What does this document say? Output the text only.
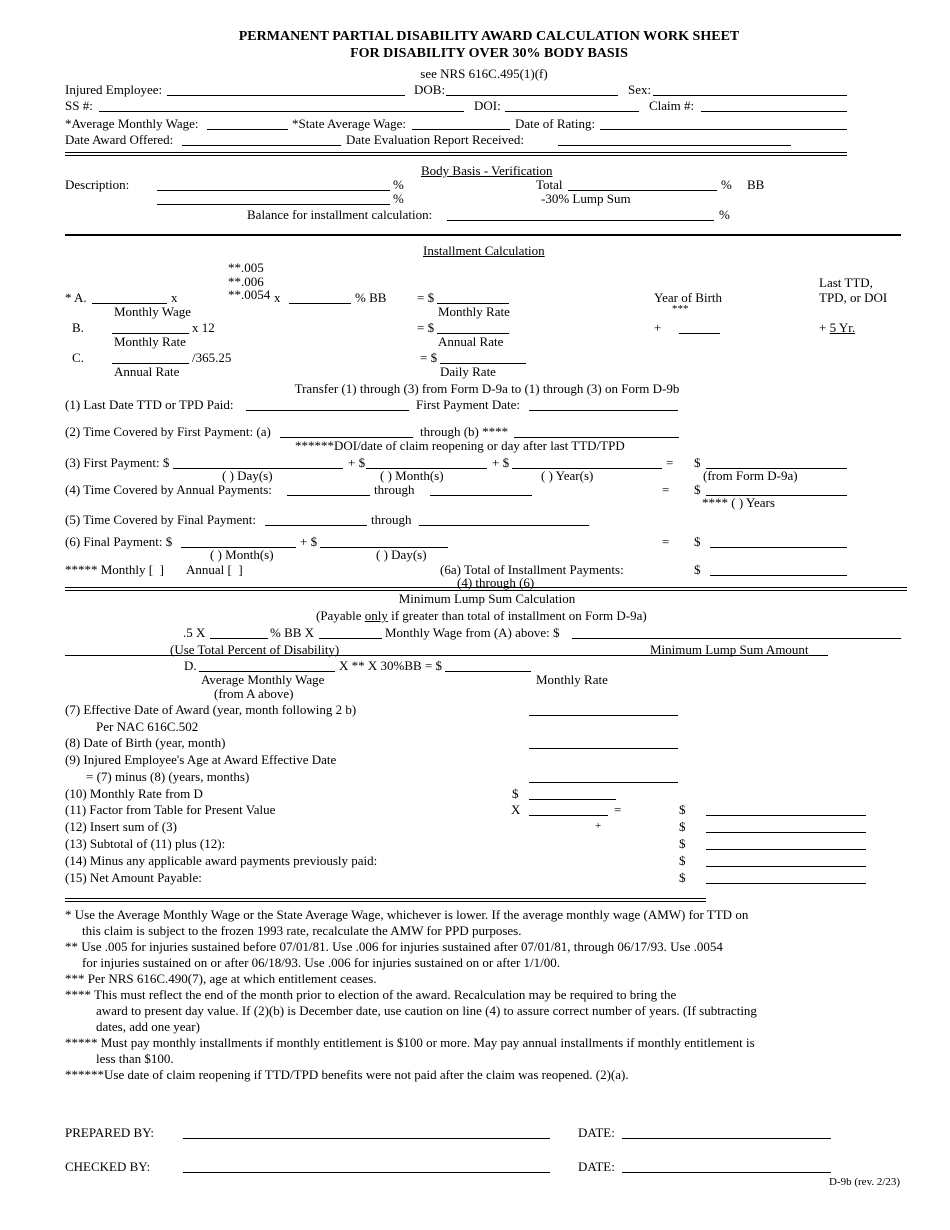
PERMANENT PARTIAL DISABILITY AWARD CALCULATION WORK SHEET
FOR DISABILITY OVER 30% BODY BASIS
see NRS 616C.495(1)(f)
Injured Employee:	DOB:	Sex:
SS #:	DOI:	Claim #:
*Average Monthly Wage:	*State Average Wage:	Date of Rating:
Date Award Offered:	Date Evaluation Report Received:
Body Basis - Verification
Description:	%	Total	% BB
%	-30% Lump Sum
Balance for installment calculation:	%
Installment Calculation
**.005
**.006
**.0054
Last TTD,
TPD, or DOI
* A.	x	x	% BB = $	Year of Birth
Monthly Wage	Monthly Rate	***
B.	x 12	= $	+	+ 5 Yr.
Monthly Rate	Annual Rate
C.	/365.25	= $
Annual Rate	Daily Rate
Transfer (1) through (3) from Form D-9a to (1) through (3) on Form D-9b
(1) Last Date TTD or TPD Paid:	First Payment Date:
(2) Time Covered by First Payment: (a)	through (b) ****
******DOI/date of claim reopening or day after last TTD/TPD
(3) First Payment: $	+ $	+ $	= $
( ) Day(s)	( ) Month(s)	( ) Year(s)	(from Form D-9a)
(4) Time Covered by Annual Payments:	through	= $
**** ( ) Years
(5) Time Covered by Final Payment:	through
(6) Final Payment: $	+ $	= $
( ) Month(s)	( ) Day(s)
***** Monthly [  ]       Annual [  ]	(6a) Total of Installment Payments:	$
(4) through (6)
Minimum Lump Sum Calculation
(Payable only if greater than total of installment on Form D-9a)
.5 X	% BB X	Monthly Wage from (A) above: $
(Use Total Percent of Disability)	Minimum Lump Sum Amount
D.	X ** X 30%BB = $
Average Monthly Wage	Monthly Rate
(from A above)
(7) Effective Date of Award (year, month following 2 b)
Per NAC 616C.502
(8) Date of Birth (year, month)
(9) Injured Employee's Age at Award Effective Date
= (7) minus (8) (years, months)
(10) Monthly Rate from D	$
(11) Factor from Table for Present Value	X	=	$
(12) Insert sum of (3)	+	$
(13) Subtotal of (11) plus (12):	$
(14) Minus any applicable award payments previously paid:	$
(15) Net Amount Payable:	$
* Use the Average Monthly Wage or the State Average Wage, whichever is lower. If the average monthly wage (AMW) for TTD on
this claim is subject to the frozen 1993 rate, recalculate the AMW for PPD purposes.
** Use .005 for injuries sustained before 07/01/81. Use .006 for injuries sustained after 07/01/81, through 06/17/93. Use .0054
for injuries sustained on or after 06/18/93. Use .006 for injuries sustained on or after 1/1/00.
*** Per NRS 616C.490(7), age at which entitlement ceases.
**** This must reflect the end of the month prior to election of the award. Recalculation may be required to bring the
award to present day value. If (2)(b) is December date, use caution on line (4) to assure correct number of years. (If subtracting
dates, add one year)
***** Must pay monthly installments if monthly entitlement is $100 or more. May pay annual installments if monthly entitlement is
less than $100.
******Use date of claim reopening if TTD/TPD benefits were not paid after the claim was reopened. (2)(a).
PREPARED BY:	DATE:
CHECKED BY:	DATE:
D-9b (rev. 2/23)
